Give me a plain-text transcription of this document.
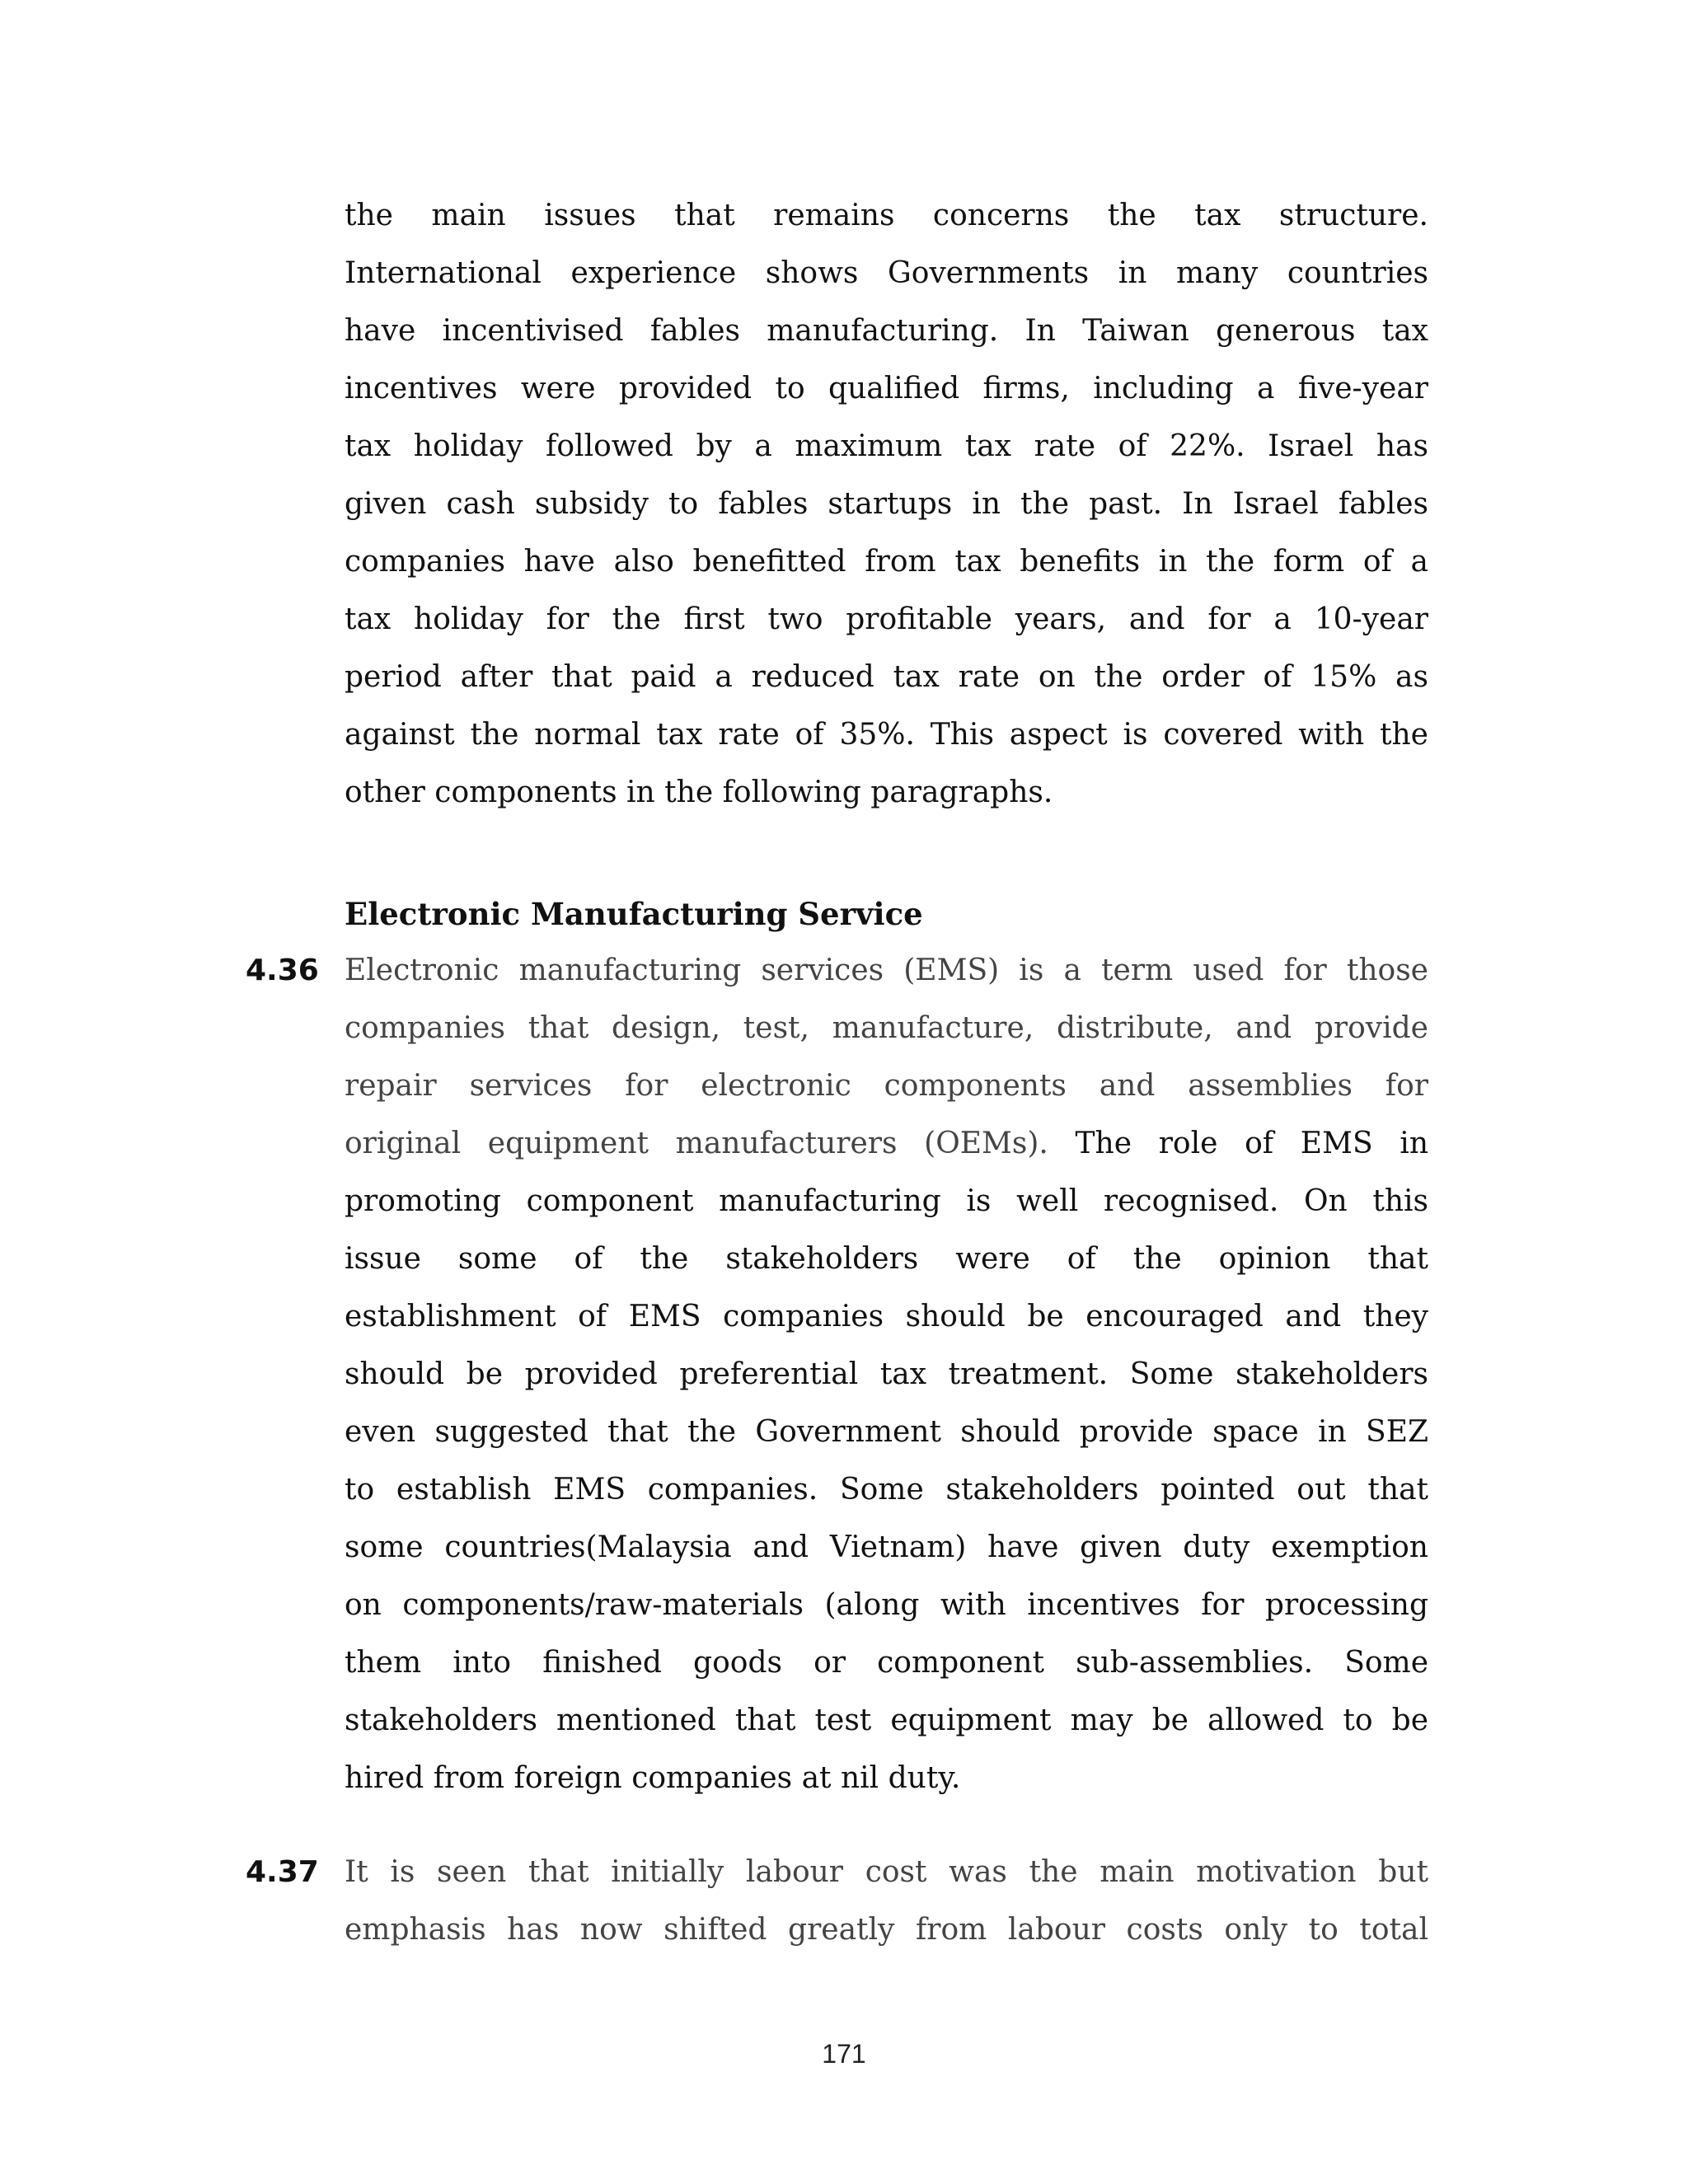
the main issues that remains concerns the tax structure.
International experience shows Governments in many countries
have incentivised fables manufacturing. In Taiwan generous tax
incentives were provided to qualified firms, including a five-year
tax holiday followed by a maximum tax rate of 22%. Israel has
given cash subsidy to fables startups in the past. In Israel fables
companies have also benefitted from tax benefits in the form of a
tax holiday for the first two profitable years, and for a 10-year
period after that paid a reduced tax rate on the order of 15% as
against the normal tax rate of 35%. This aspect is covered with the
other components in the following paragraphs.
Electronic Manufacturing Service
4.36 Electronic manufacturing services (EMS) is a term used for those
companies that design, test, manufacture, distribute, and provide
repair services for electronic components and assemblies for
original equipment manufacturers (OEMs). The role of EMS in
promoting component manufacturing is well recognised. On this
issue some of the stakeholders were of the opinion that
establishment of EMS companies should be encouraged and they
should be provided preferential tax treatment. Some stakeholders
even suggested that the Government should provide space in SEZ
to establish EMS companies. Some stakeholders pointed out that
some countries(Malaysia and Vietnam) have given duty exemption
on components/raw-materials (along with incentives for processing
them into finished goods or component sub-assemblies. Some
stakeholders mentioned that test equipment may be allowed to be
hired from foreign companies at nil duty.
4.37 It is seen that initially labour cost was the main motivation but
emphasis has now shifted greatly from labour costs only to total
171
